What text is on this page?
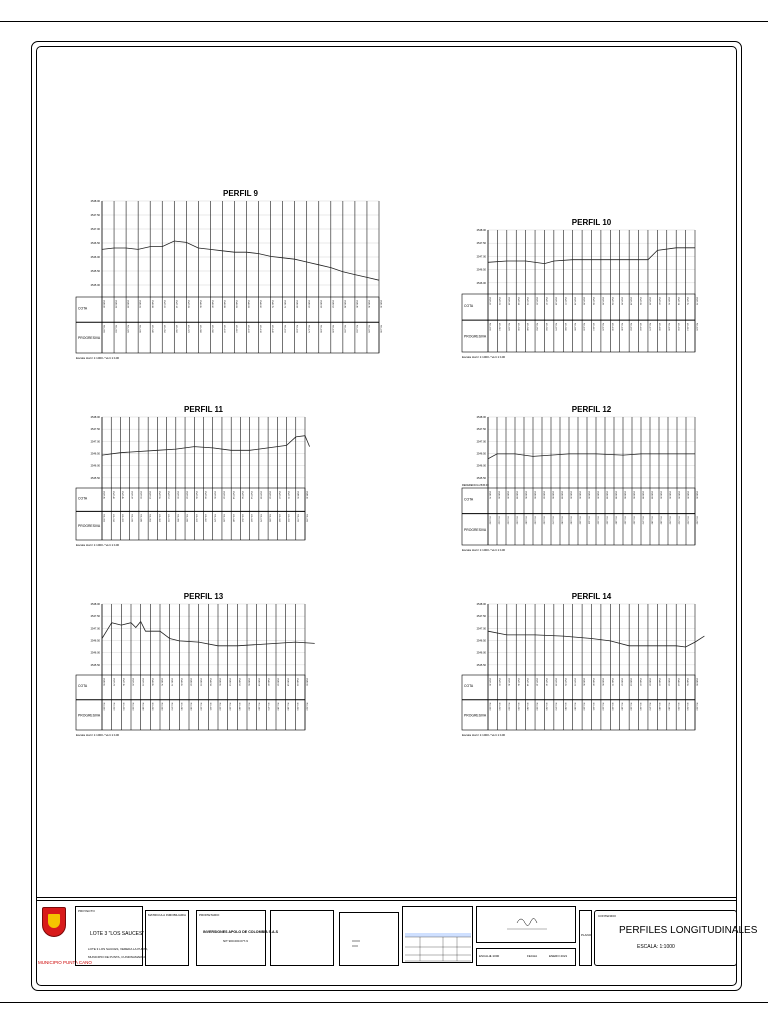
PERFIL 9
2548.00
2547.50
2547.00
2546.50
2546.00
2545.50
2545.00
COTA
PROGRESIVA
2546.92	2546.93	2546.93	2546.91	2546.98	2547.02	2547.12	2547.08	2546.95	2546.90	2546.88	2546.85	2546.83	2546.80	2546.75	2546.71	2546.68	2546.62	2546.58	2546.52	2546.45	2546.40	2546.35	2546.30
K0+000	K0+010	K0+020	K0+030	K0+040	K0+050	K0+060	K0+070	K0+080	K0+090	K0+100	K0+110	K0+120	K0+130	K0+140	K0+150	K0+160	K0+170	K0+180	K0+190	K0+200	K0+210	K0+220	K0+230
Escala Horiz 1:1000 / Vert 1:100
PERFIL 10
2548.00
2547.50
2547.00
2546.50
2546.00
COTA
PROGRESIVA
2547.22	2547.23	2547.24	2547.24	2547.23	2547.22	2547.17	2547.24	2547.27	2547.28	2547.28	2547.28	2547.28	2547.29	2547.28	2547.28	2547.28	2547.29	2547.60	2547.70	2547.74	2547.75	2547.73
K0+000	K0+010	K0+020	K0+030	K0+040	K0+050	K0+060	K0+070	K0+080	K0+090	K0+100	K0+110	K0+120	K0+130	K0+140	K0+150	K0+160	K0+170	K0+180	K0+190	K0+200	K0+210	K0+220
Escala Horiz 1:1000 / Vert 1:100
PERFIL 11
2548.00
2547.50
2547.00
2546.50
2546.00
2545.50
COTA
PROGRESIVA
2547.35	2547.40	2547.45	2547.47	2547.50	2547.52	2547.55	2547.57	2547.60	2547.62	2547.65	2547.66	2547.65	2547.62	2547.58	2547.56	2547.56	2547.58	2547.62	2547.67	2547.70	2548.05	2548.10
K0+000	K0+010	K0+020	K0+030	K0+040	K0+050	K0+060	K0+070	K0+080	K0+090	K0+100	K0+110	K0+120	K0+130	K0+140	K0+150	K0+160	K0+170	K0+180	K0+190	K0+200	K0+210	K0+220
Escala Horiz 1:1000 / Vert 1:100
PERFIL 12
2548.00
2547.50
2547.00
2546.50
2546.00
2545.50
COTA
PROGRESIVA
2546.70	2546.90	2546.90	2546.89	2546.85	2546.80	2546.82	2546.86	2546.89	2546.90	2546.90	2546.90	2546.90	2546.89	2546.88	2546.86	2546.86	2546.88	2546.89	2546.90	2546.90	2546.90	2546.90	2546.90
K0+000	K0+010	K0+020	K0+030	K0+040	K0+050	K0+060	K0+070	K0+080	K0+090	K0+100	K0+110	K0+120	K0+130	K0+140	K0+150	K0+160	K0+170	K0+180	K0+190	K0+200	K0+210	K0+220	K0+230
REFERENCIA 2545.00
Escala Horiz 1:1000 / Vert 1:100
PERFIL 13
2548.00
2547.50
2547.00
2546.50
2546.00
2545.50
COTA
PROGRESIVA
2546.55	2547.20	2547.15	2547.20	2547.00	2546.85	2546.75	2546.72	2546.65	2546.62	2546.60	2546.58	2546.55	2546.52	2546.52	2546.55	2546.58	2546.60	2546.62	2546.64	2546.63	2546.60
K0+000	K0+010	K0+020	K0+030	K0+040	K0+050	K0+060	K0+070	K0+080	K0+090	K0+100	K0+110	K0+120	K0+130	K0+140	K0+150	K0+160	K0+170	K0+180	K0+190	K0+200	K0+210
Escala Horiz 1:1000 / Vert 1:100
PERFIL 14
2548.00
2547.50
2547.00
2546.50
2546.00
2545.50
COTA
PROGRESIVA
2547.30	2547.20	2547.15	2547.15	2547.14	2547.12	2547.10	2547.08	2547.05	2547.00	2546.95	2546.90	2546.85	2546.70	2546.62	2546.62	2546.62	2546.62	2546.62	2546.62	2546.60	2546.55	2546.80
K0+000	K0+010	K0+020	K0+030	K0+040	K0+050	K0+060	K0+070	K0+080	K0+090	K0+100	K0+110	K0+120	K0+130	K0+140	K0+150	K0+160	K0+170	K0+180	K0+190	K0+200	K0+210	K0+220
Escala Horiz 1:1000 / Vert 1:100
MUNICIPIO PUNTA CANO
PROYECTO
LOTE 3 "LOS SAUCES"
LOTE 3 LOS SAUCES, VEREDA LA PUNTA,
MUNICIPIO DE PUNTA, CUNDINAMARCA
MATRICULA INMOBILIARIA	PROPIETARIO
INVERSIONES APOLO DE COLOMBIA S.A.S
NIT 900.000.077-9
ESCALA 1:1000	FECHA	ENERO 2021
PLANO
CONTENIDO
PERFILES LONGITUDINALES
ESCALA: 1:1000
